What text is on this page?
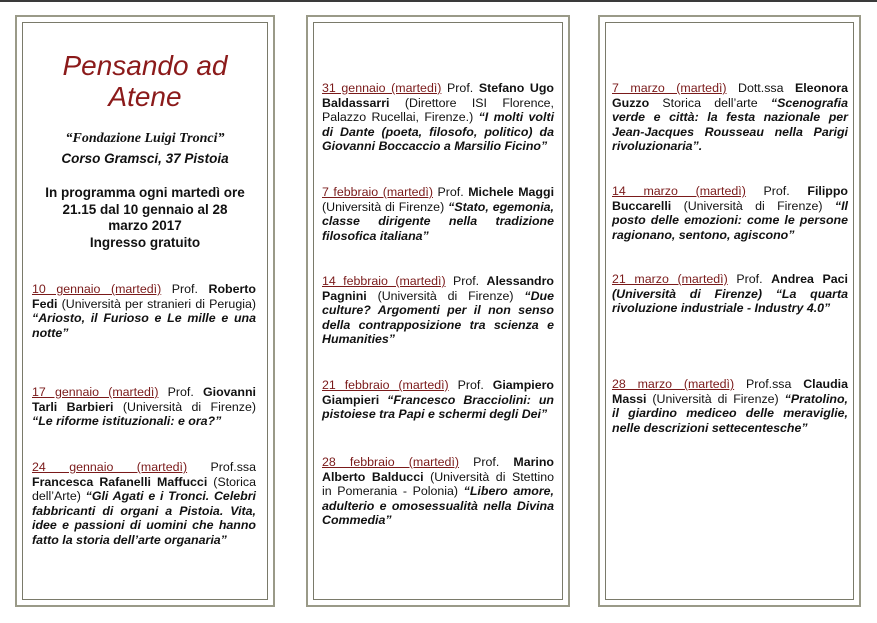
Pensando ad
Atene
“Fondazione Luigi Tronci”
Corso Gramsci, 37 Pistoia
In programma ogni martedì ore
21.15 dal 10 gennaio al 28
marzo 2017
Ingresso gratuito
10 gennaio (martedì) Prof. Roberto Fedi (Università per stranieri di Perugia) “Ariosto, il Furioso e Le mille e una notte”
17 gennaio (martedì) Prof. Giovanni Tarli Barbieri (Università di Firenze) “Le riforme istituzionali: e ora?”
24 gennaio (martedì) Prof.ssa Francesca Rafanelli Maffucci (Storica dell’Arte) “Gli Agati e i Tronci. Celebri fabbricanti di organi a Pistoia. Vita, idee e passioni di uomini che hanno fatto la storia dell’arte organaria”
31 gennaio (martedì) Prof. Stefano Ugo Baldassarri (Direttore ISI Florence, Palazzo Rucellai, Firenze.) “I molti volti di Dante (poeta, filosofo, politico) da Giovanni Boccaccio a Marsilio Ficino”
7 febbraio (martedì) Prof. Michele Maggi (Università di Firenze) “Stato, egemonia, classe dirigente nella tradizione filosofica italiana”
14 febbraio (martedì) Prof. Alessandro Pagnini (Università di Firenze) “Due culture? Argomenti per il non senso della contrapposizione tra scienza e Humanities”
21 febbraio (martedì) Prof. Giampiero Giampieri “Francesco Bracciolini: un pistoiese tra Papi e schermi degli Dei”
28 febbraio (martedì) Prof. Marino Alberto Balducci (Università di Stettino in Pomerania - Polonia) “Libero amore, adulterio e omosessualità nella Divina Commedia”
7 marzo (martedì) Dott.ssa Eleonora Guzzo Storica dell’arte “Scenografia verde e città: la festa nazionale per Jean-Jacques Rousseau nella Parigi rivoluzionaria”.
14 marzo (martedì) Prof. Filippo Buccarelli (Università di Firenze) “Il posto delle emozioni: come le persone ragionano, sentono, agiscono”
21 marzo (martedì) Prof. Andrea Paci (Università di Firenze) “La quarta rivoluzione industriale - Industry 4.0”
28 marzo (martedì) Prof.ssa Claudia Massi (Università di Firenze) “Pratolino, il giardino mediceo delle meraviglie, nelle descrizioni settecentesche”
